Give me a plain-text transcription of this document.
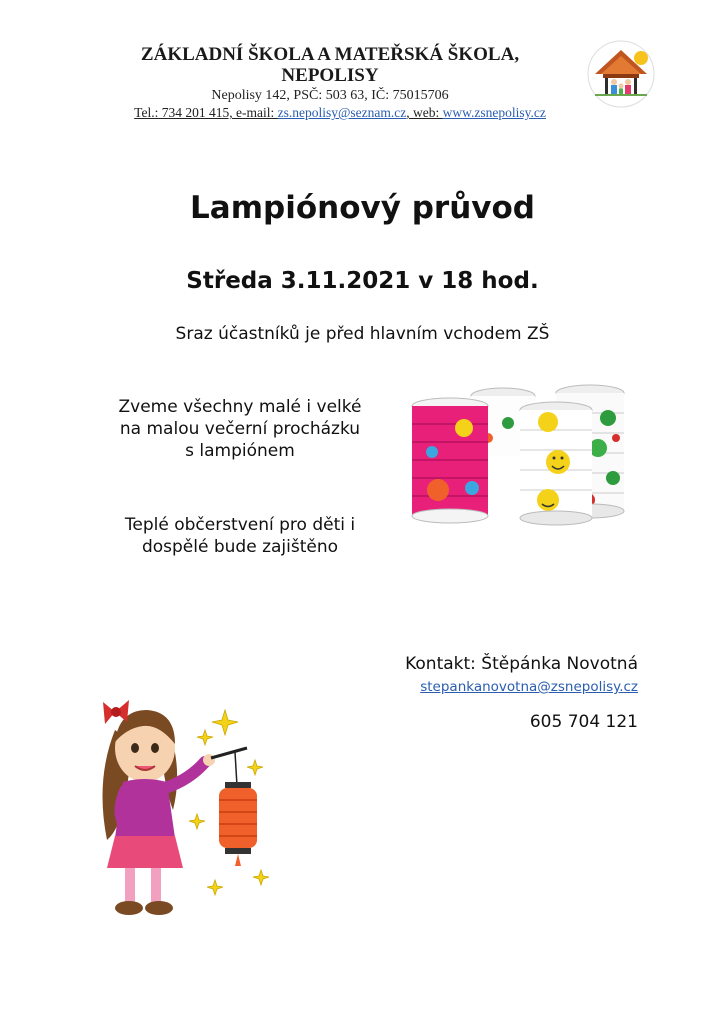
ZÁKLADNÍ ŠKOLA A MATEŘSKÁ ŠKOLA,
NEPOLISY
Nepolisy 142, PSČ: 503 63, IČ: 75015706
Tel.: 734 201 415, e-mail: zs.nepolisy@seznam.cz, web: www.zsnepolisy.cz
Lampiónový průvod
Středa 3.11.2021 v 18 hod.
Sraz účastníků je před hlavním vchodem ZŠ
Zveme všechny malé i velké
na malou večerní procházku
s lampiónem
Teplé občerstvení pro děti i
dospělé bude zajištěno
Kontakt: Štěpánka Novotná
stepankanovotna@zsnepolisy.cz
605 704 121
